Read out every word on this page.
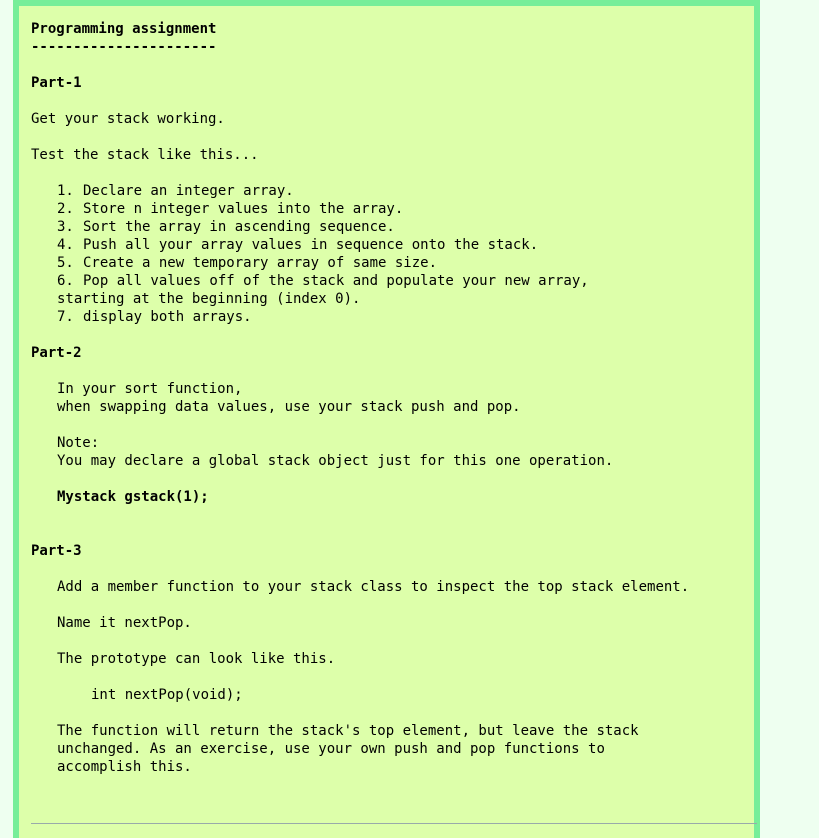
Programming assignment
----------------------
Part-1
Get your stack working.
Test the stack like this...
1. Declare an integer array.
2. Store n integer values into the array.
3. Sort the array in ascending sequence.
4. Push all your array values in sequence onto the stack.
5. Create a new temporary array of same size.
6. Pop all values off of the stack and populate your new array,
starting at the beginning (index 0).
7. display both arrays.
Part-2
In your sort function,
when swapping data values, use your stack push and pop.
Note:
You may declare a global stack object just for this one operation.
Mystack gstack(1);
Part-3
Add a member function to your stack class to inspect the top stack element.
Name it nextPop.
The prototype can look like this.
int nextPop(void);
The function will return the stack's top element, but leave the stack
unchanged. As an exercise, use your own push and pop functions to
accomplish this.
